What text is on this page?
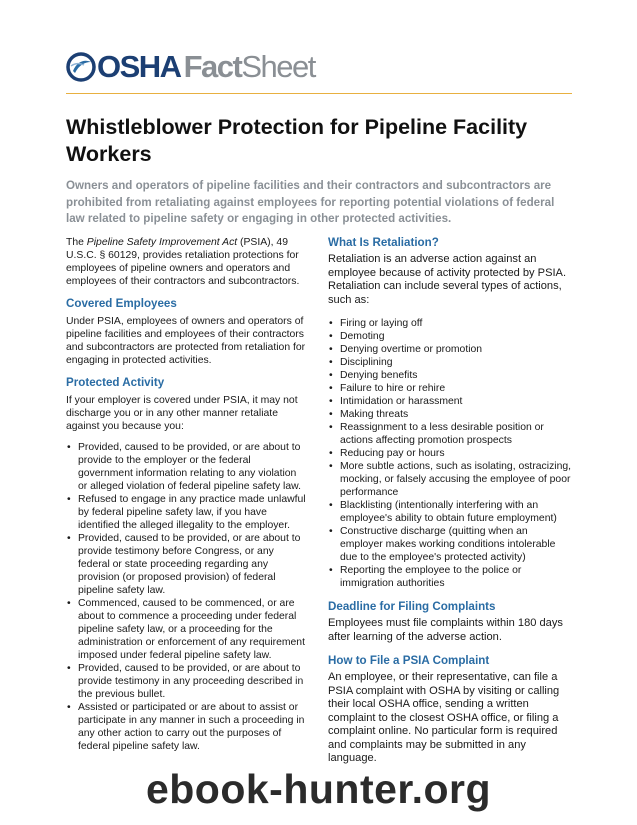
OSHAFactSheet
Whistleblower Protection for Pipeline Facility Workers

Owners and operators of pipeline facilities and their contractors and subcontractors are prohibited from retaliating against employees for reporting potential violations of federal law related to pipeline safety or engaging in other protected activities.

The Pipeline Safety Improvement Act (PSIA), 49 U.S.C. § 60129, provides retaliation protections for employees of pipeline owners and operators and employees of their contractors and subcontractors.

Covered Employees

Under PSIA, employees of owners and operators of pipeline facilities and employees of their contractors and subcontractors are protected from retaliation for engaging in protected activities.

Protected Activity

If your employer is covered under PSIA, it may not discharge you or in any other manner retaliate against you because you:

• Provided, caused to be provided, or are about to provide to the employer or the federal government information relating to any violation or alleged violation of federal pipeline safety law.
• Refused to engage in any practice made unlawful by federal pipeline safety law, if you have identified the alleged illegality to the employer.
• Provided, caused to be provided, or are about to provide testimony before Congress, or any federal or state proceeding regarding any provision (or proposed provision) of federal pipeline safety law.
• Commenced, caused to be commenced, or are about to commence a proceeding under federal pipeline safety law, or a proceeding for the administration or enforcement of any requirement imposed under federal pipeline safety law.
• Provided, caused to be provided, or are about to provide testimony in any proceeding described in the previous bullet.
• Assisted or participated or are about to assist or participate in any manner in such a proceeding in any other action to carry out the purposes of federal pipeline safety law.
What Is Retaliation?

Retaliation is an adverse action against an employee because of activity protected by PSIA. Retaliation can include several types of actions, such as:

• Firing or laying off
• Demoting
• Denying overtime or promotion
• Disciplining
• Denying benefits
• Failure to hire or rehire
• Intimidation or harassment
• Making threats
• Reassignment to a less desirable position or actions affecting promotion prospects
• Reducing pay or hours
• More subtle actions, such as isolating, ostracizing, mocking, or falsely accusing the employee of poor performance
• Blacklisting (intentionally interfering with an employee's ability to obtain future employment)
• Constructive discharge (quitting when an employer makes working conditions intolerable due to the employee's protected activity)
• Reporting the employee to the police or immigration authorities
Deadline for Filing Complaints

Employees must file complaints within 180 days after learning of the adverse action.

How to File a PSIA Complaint

An employee, or their representative, can file a PSIA complaint with OSHA by visiting or calling their local OSHA office, sending a written complaint to the closest OSHA office, or filing a complaint online. No particular form is required and complaints may be submitted in any language.

ebook-hunter.org
